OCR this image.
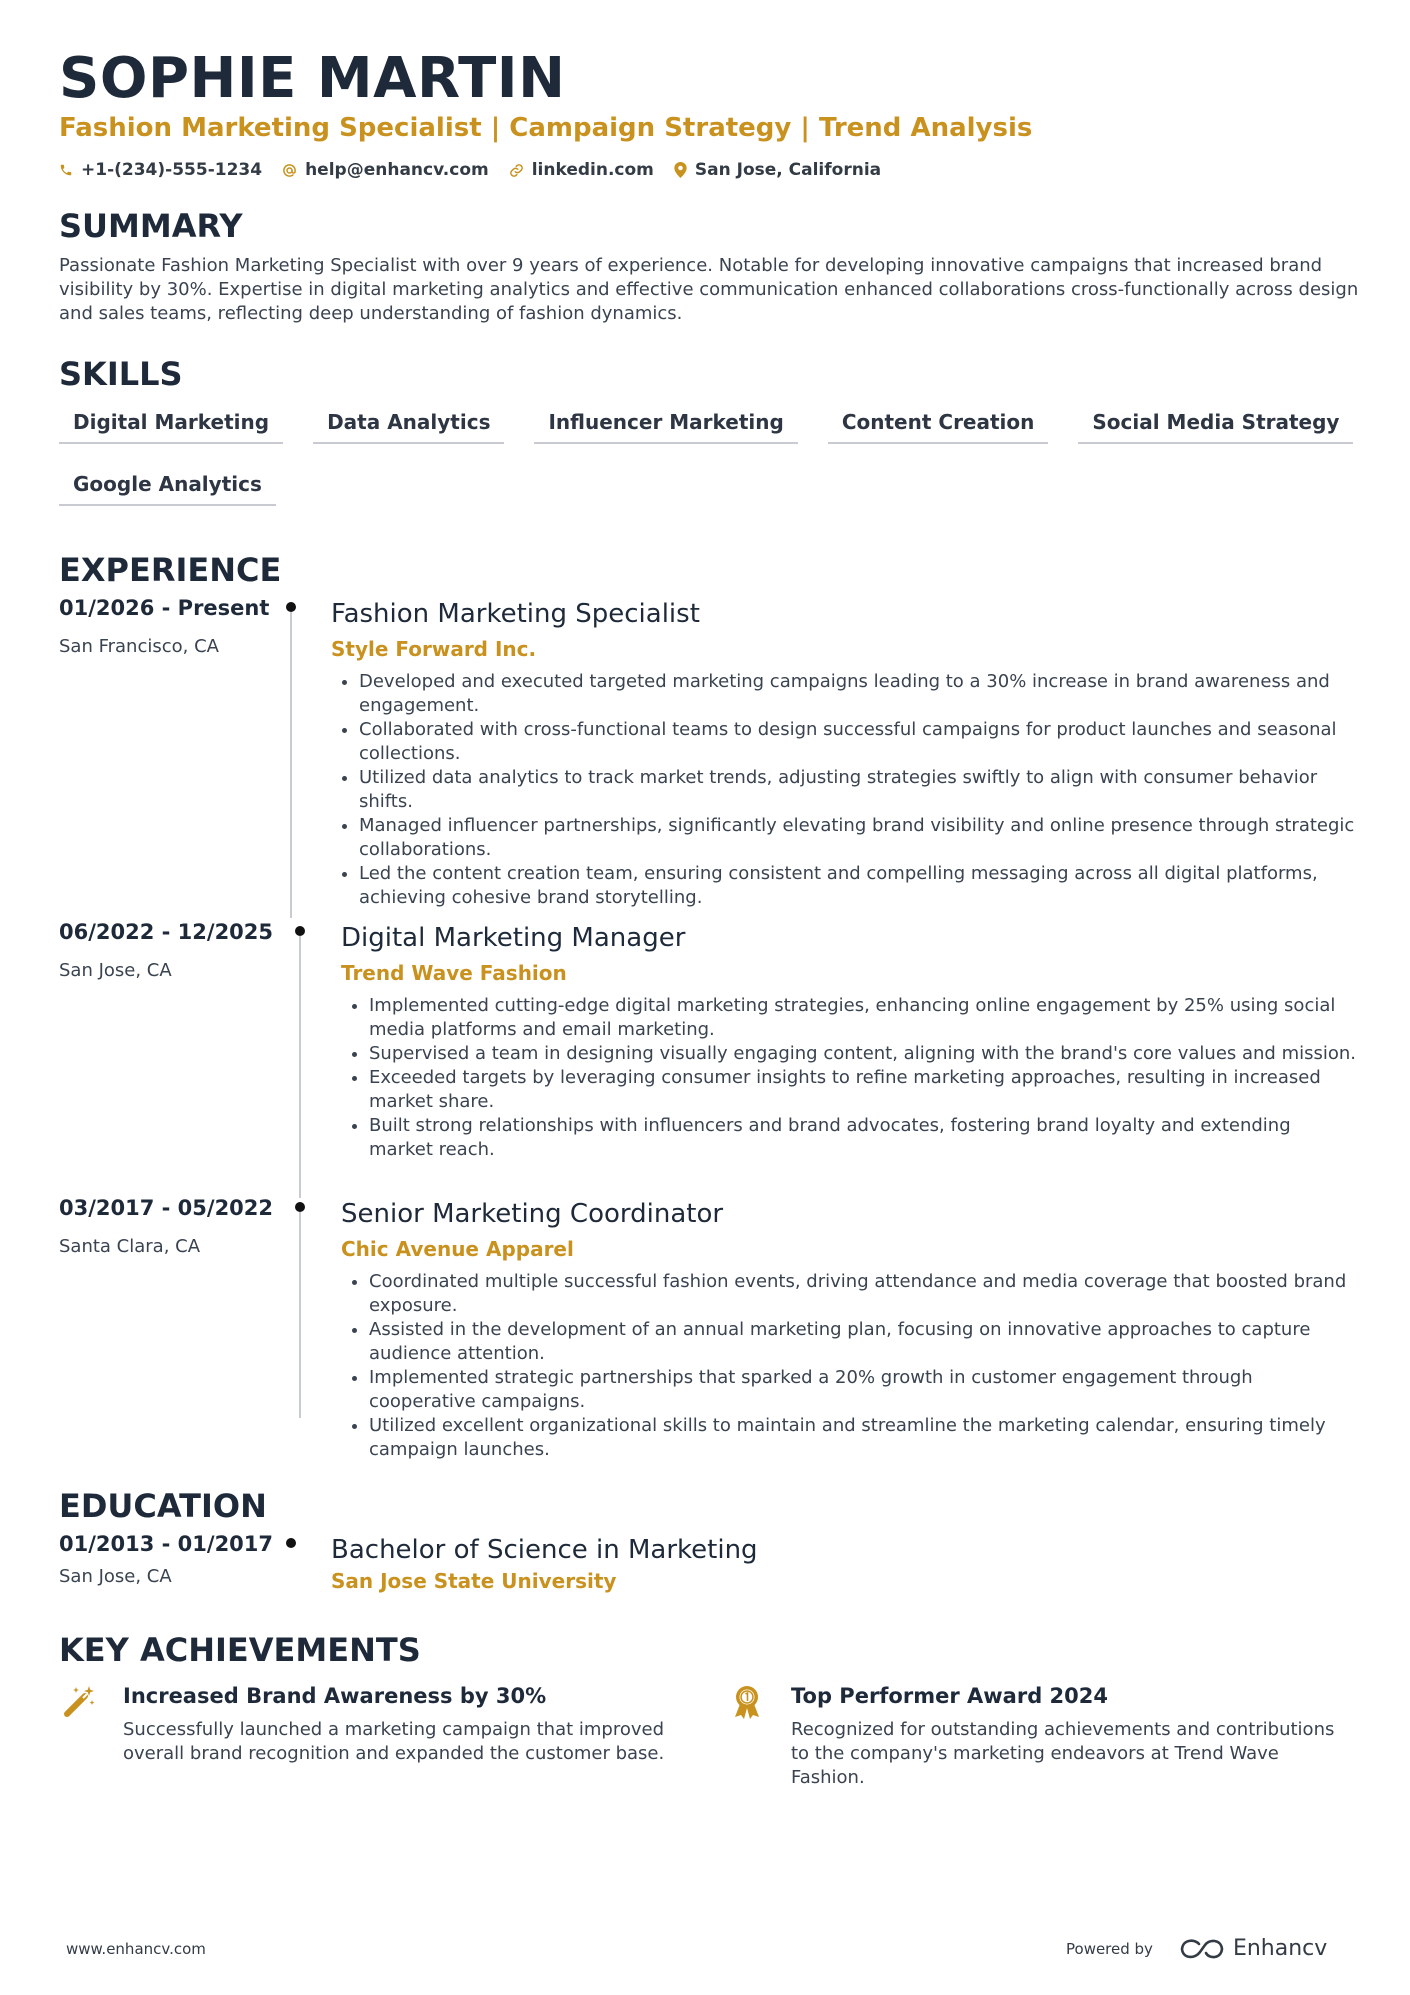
SOPHIE MARTIN
Fashion Marketing Specialist | Campaign Strategy | Trend Analysis
+1-(234)-555-1234	help@enhancv.com	linkedin.com San Jose, California
SUMMARY
Passionate Fashion Marketing Specialist with over 9 years of experience. Notable for developing innovative campaigns that increased brand visibility by 30%. Expertise in digital marketing analytics and effective communication enhanced collaborations cross-functionally across design and sales teams, reflecting deep understanding of fashion dynamics.
SKILLS
Digital Marketing	Data Analytics	Influencer Marketing	Content Creation	Social Media Strategy
Google Analytics
EXPERIENCE
01/2026 - Present
San Francisco, CA
Fashion Marketing Specialist
Style Forward Inc.
• Developed and executed targeted marketing campaigns leading to a 30% increase in brand awareness and engagement.
• Collaborated with cross-functional teams to design successful campaigns for product launches and seasonal collections.
• Utilized data analytics to track market trends, adjusting strategies swiftly to align with consumer behavior shifts.
• Managed influencer partnerships, significantly elevating brand visibility and online presence through strategic collaborations.
• Led the content creation team, ensuring consistent and compelling messaging across all digital platforms, achieving cohesive brand storytelling.
06/2022 - 12/2025
San Jose, CA
Digital Marketing Manager
Trend Wave Fashion
• Implemented cutting-edge digital marketing strategies, enhancing online engagement by 25% using social media platforms and email marketing.
• Supervised a team in designing visually engaging content, aligning with the brand's core values and mission.
• Exceeded targets by leveraging consumer insights to refine marketing approaches, resulting in increased market share.
• Built strong relationships with influencers and brand advocates, fostering brand loyalty and extending market reach.
03/2017 - 05/2022
Santa Clara, CA
Senior Marketing Coordinator
Chic Avenue Apparel
• Coordinated multiple successful fashion events, driving attendance and media coverage that boosted brand exposure.
• Assisted in the development of an annual marketing plan, focusing on innovative approaches to capture audience attention.
• Implemented strategic partnerships that sparked a 20% growth in customer engagement through cooperative campaigns.
• Utilized excellent organizational skills to maintain and streamline the marketing calendar, ensuring timely campaign launches.
EDUCATION
01/2013 - 01/2017
San Jose, CA
Bachelor of Science in Marketing
San Jose State University
KEY ACHIEVEMENTS
Increased Brand Awareness by 30%
Successfully launched a marketing campaign that improved overall brand recognition and expanded the customer base.
Top Performer Award 2024
Recognized for outstanding achievements and contributions to the company's marketing endeavors at Trend Wave Fashion.
www.enhancv.com	Powered by	Enhancv
